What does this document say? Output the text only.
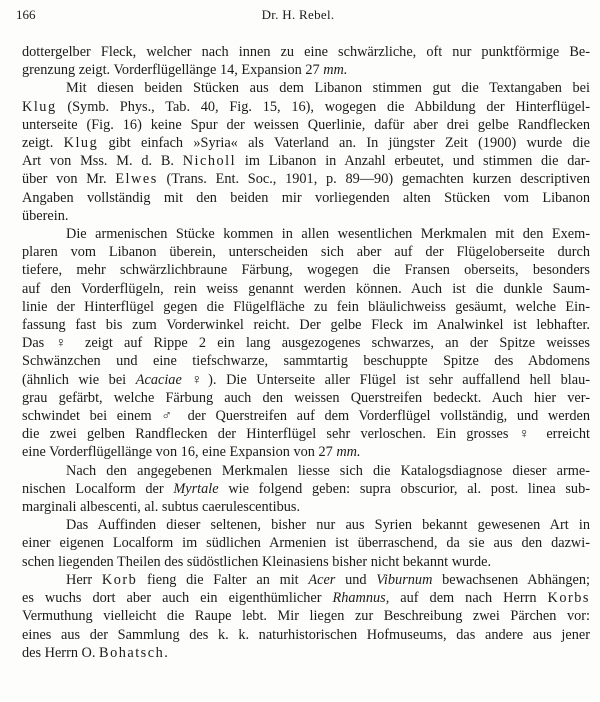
166	Dr. H. Rebel.

dottergelber Fleck, welcher nach innen zu eine schwärzliche, oft nur punktförmige Be-

grenzung zeigt. Vorderflügellänge 14, Expansion 27 mm.

Mit diesen beiden Stücken aus dem Libanon stimmen gut die Textangaben bei

Klug (Symb. Phys., Tab. 40, Fig. 15, 16), wogegen die Abbildung der Hinterflügel-

unterseite (Fig. 16) keine Spur der weissen Querlinie, dafür aber drei gelbe Randflecken

zeigt. Klug gibt einfach »Syria« als Vaterland an. In jüngster Zeit (1900) wurde die

Art von Mss. M. d. B. Nicholl im Libanon in Anzahl erbeutet, und stimmen die dar-

über von Mr. Elwes (Trans. Ent. Soc., 1901, p. 89—90) gemachten kurzen descriptiven

Angaben vollständig mit den beiden mir vorliegenden alten Stücken vom Libanon

überein.

Die armenischen Stücke kommen in allen wesentlichen Merkmalen mit den Exem-

plaren vom Libanon überein, unterscheiden sich aber auf der Flügeloberseite durch

tiefere, mehr schwärzlichbraune Färbung, wogegen die Fransen oberseits, besonders

auf den Vorderflügeln, rein weiss genannt werden können. Auch ist die dunkle Saum-

linie der Hinterflügel gegen die Flügelfläche zu fein bläulichweiss gesäumt, welche Ein-

fassung fast bis zum Vorderwinkel reicht. Der gelbe Fleck im Analwinkel ist lebhafter.

Das ♀ zeigt auf Rippe 2 ein lang ausgezogenes schwarzes, an der Spitze weisses

Schwänzchen und eine tiefschwarze, sammtartig beschuppte Spitze des Abdomens

(ähnlich wie bei Acaciae ♀). Die Unterseite aller Flügel ist sehr auffallend hell blau-

grau gefärbt, welche Färbung auch den weissen Querstreifen bedeckt. Auch hier ver-

schwindet bei einem ♂ der Querstreifen auf dem Vorderflügel vollständig, und werden

die zwei gelben Randflecken der Hinterflügel sehr verloschen. Ein grosses ♀ erreicht

eine Vorderflügellänge von 16, eine Expansion von 27 mm.

Nach den angegebenen Merkmalen liesse sich die Katalogsdiagnose dieser arme-

nischen Localform der Myrtale wie folgend geben: supra obscurior, al. post. linea sub-

marginali albescenti, al. subtus caerulescentibus.

Das Auffinden dieser seltenen, bisher nur aus Syrien bekannt gewesenen Art in

einer eigenen Localform im südlichen Armenien ist überraschend, da sie aus den dazwi-

schen liegenden Theilen des südöstlichen Kleinasiens bisher nicht bekannt wurde.

Herr Korb fieng die Falter an mit Acer und Viburnum bewachsenen Abhängen;

es wuchs dort aber auch ein eigenthümlicher Rhamnus, auf dem nach Herrn Korbs

Vermuthung vielleicht die Raupe lebt. Mir liegen zur Beschreibung zwei Pärchen vor:

eines aus der Sammlung des k. k. naturhistorischen Hofmuseums, das andere aus jener

des Herrn O. Bohatsch.
